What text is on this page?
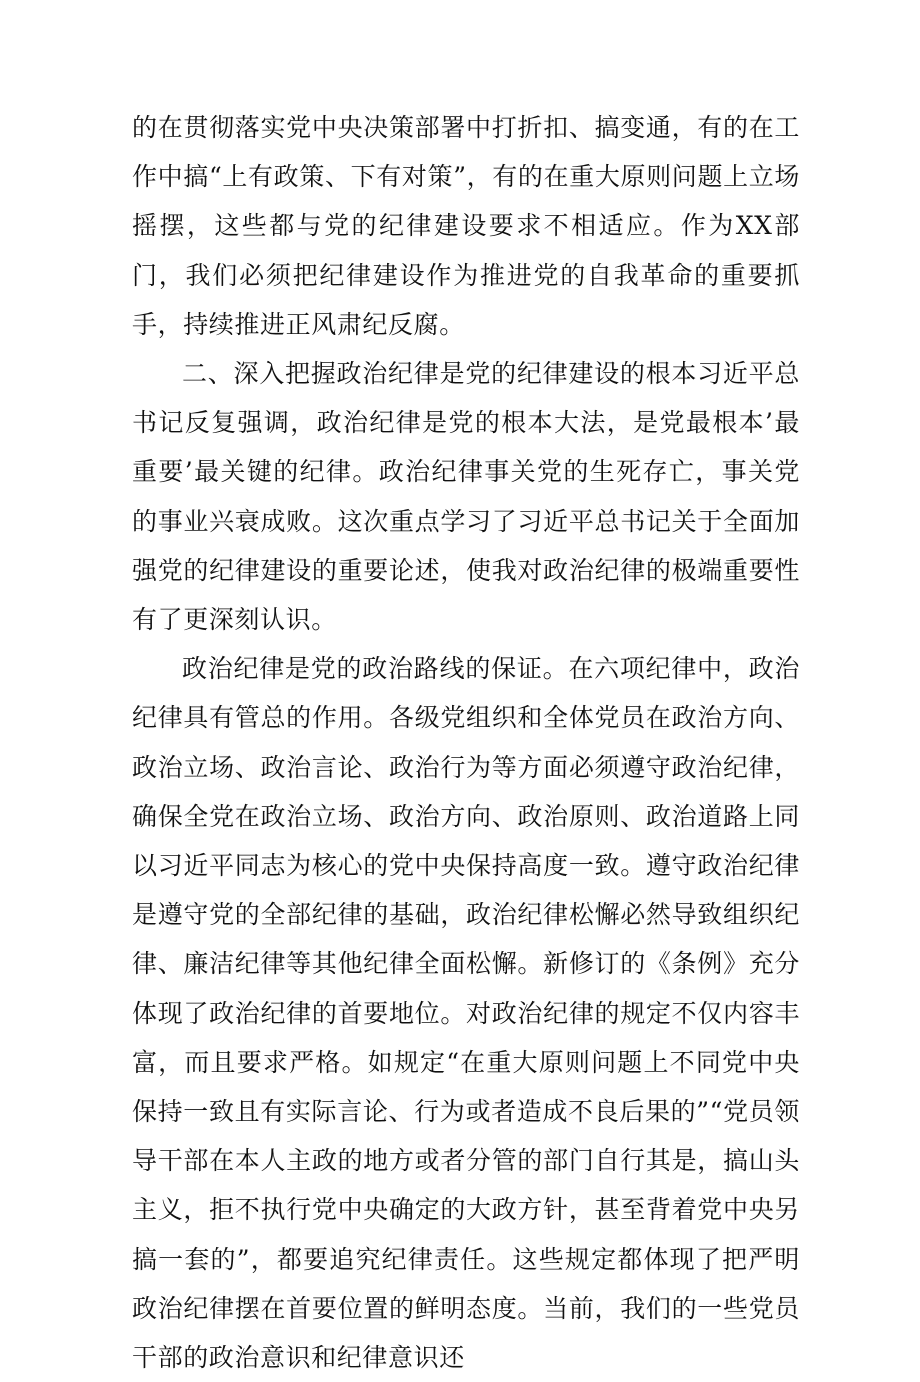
的在贯彻落实党中央决策部署中打折扣、搞变通，有的在工作中搞“上有政策、下有对策”，有的在重大原则问题上立场摇摆，这些都与党的纪律建设要求不相适应。作为XX部门，我们必须把纪律建设作为推进党的自我革命的重要抓手，持续推进正风肃纪反腐。

二、深入把握政治纪律是党的纪律建设的根本习近平总书记反复强调，政治纪律是党的根本大法，是党最根本’最重要’最关键的纪律。政治纪律事关党的生死存亡，事关党的事业兴衰成败。这次重点学习了习近平总书记关于全面加强党的纪律建设的重要论述，使我对政治纪律的极端重要性有了更深刻认识。

政治纪律是党的政治路线的保证。在六项纪律中，政治纪律具有管总的作用。各级党组织和全体党员在政治方向、政治立场、政治言论、政治行为等方面必须遵守政治纪律，确保全党在政治立场、政治方向、政治原则、政治道路上同以习近平同志为核心的党中央保持高度一致。遵守政治纪律是遵守党的全部纪律的基础，政治纪律松懈必然导致组织纪律、廉洁纪律等其他纪律全面松懈。新修订的《条例》充分体现了政治纪律的首要地位。对政治纪律的规定不仅内容丰富，而且要求严格。如规定“在重大原则问题上不同党中央保持一致且有实际言论、行为或者造成不良后果的”“党员领导干部在本人主政的地方或者分管的部门自行其是，搞山头主义，拒不执行党中央确定的大政方针，甚至背着党中央另搞一套的”，都要追究纪律责任。这些规定都体现了把严明政治纪律摆在首要位置的鲜明态度。当前，我们的一些党员干部的政治意识和纪律意识还
